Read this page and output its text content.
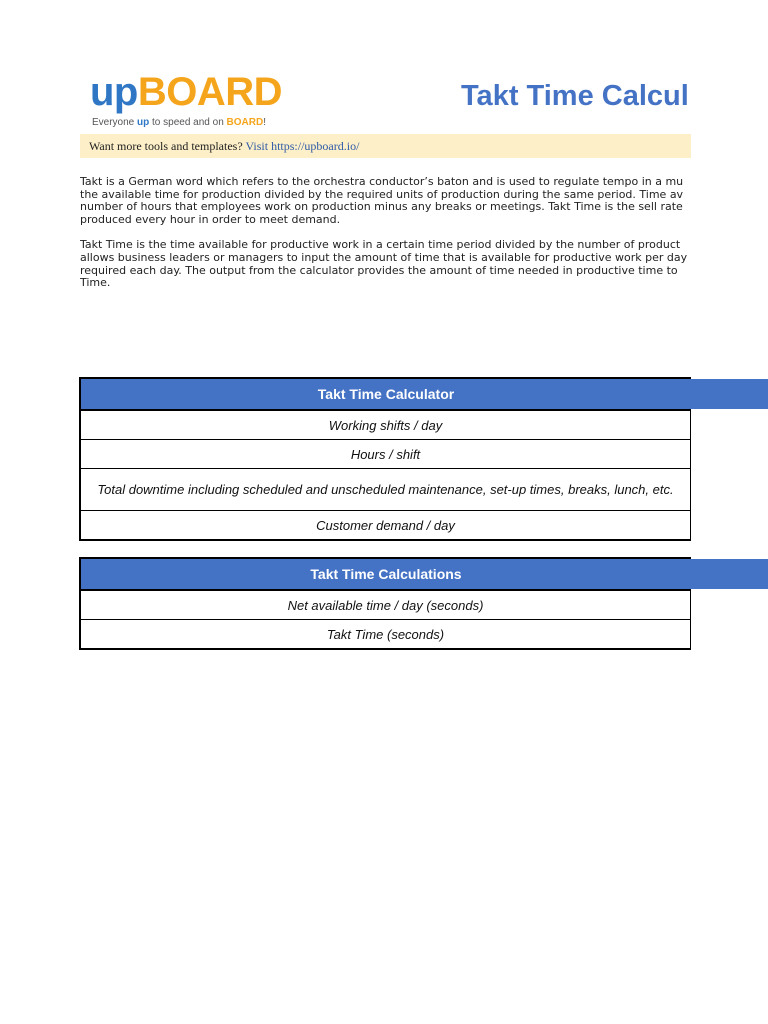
upBOARD
Everyone up to speed and on BOARD!
Takt Time Calcul
Want more tools and templates? Visit https://upboard.io/

Takt is a German word which refers to the orchestra conductor’s baton and is used to regulate tempo in a mu
the available time for production divided by the required units of production during the same period. Time av
number of hours that employees work on production minus any breaks or meetings. Takt Time is the sell rate
produced every hour in order to meet demand.

Takt Time is the time available for productive work in a certain time period divided by the number of product
allows business leaders or managers to input the amount of time that is available for productive work per day
required each day. The output from the calculator provides the amount of time needed in productive time to
Time.

Takt Time Calculator
Working shifts / day
Hours / shift
Total downtime including scheduled and unscheduled maintenance, set-up times, breaks, lunch, etc.
Customer demand / day
Takt Time Calculations
Net available time / day (seconds)
Takt Time (seconds)
